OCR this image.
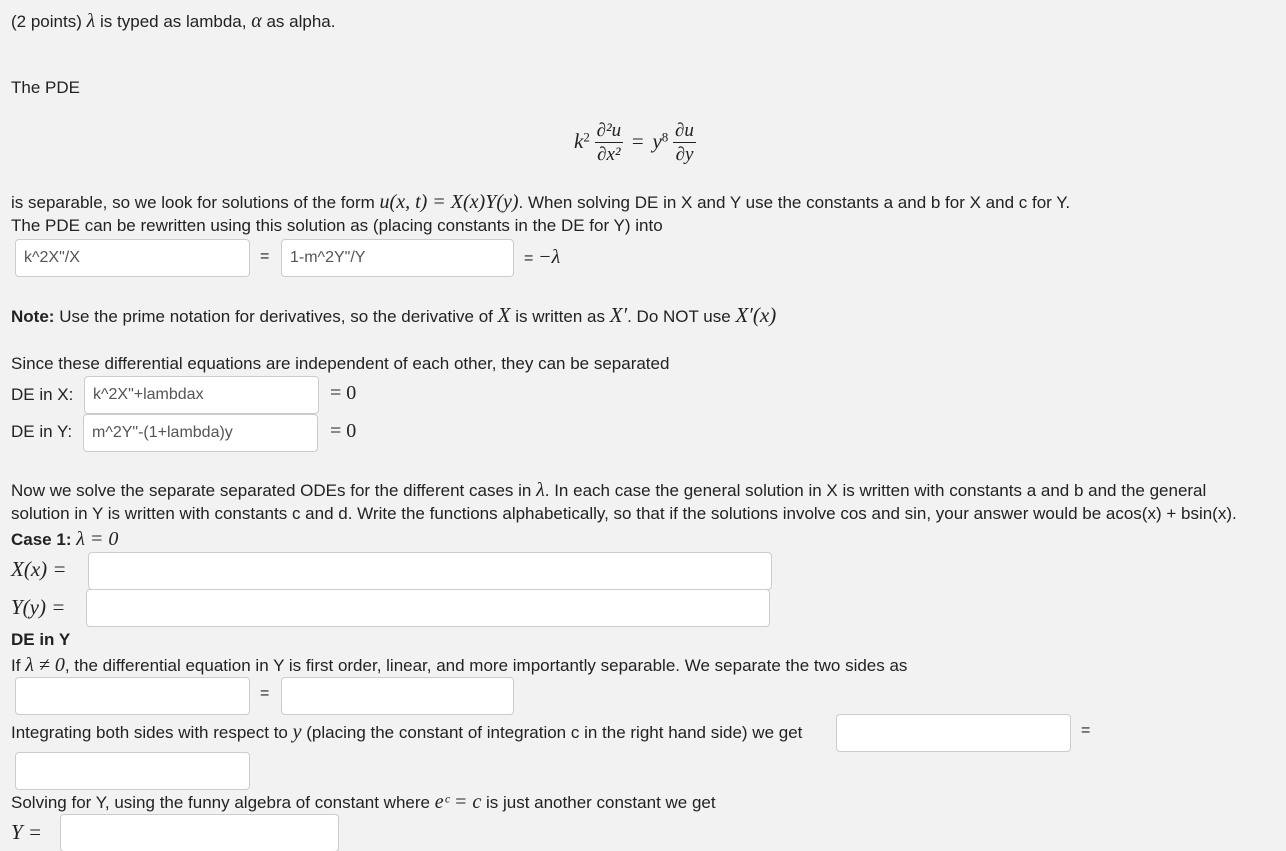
(2 points) λ is typed as lambda, α as alpha.
The PDE
$k^2 \frac{\text{∂²u}}{\text{∂x²}} = y^8 \frac{\partial u}{\partial y}$
is separable, so we look for solutions of the form u(x, t) = X(x)Y(y). When solving DE in X and Y use the constants a and b for X and c for Y.
The PDE can be rewritten using this solution as (placing constants in the DE for Y) into
k^2X"/X	=	1-m^2Y"/Y	= −λ
Note: Use the prime notation for derivatives, so the derivative of X is written as X′. Do NOT use X′(x)
Since these differential equations are independent of each other, they can be separated
DE in X:	k^2X"+lambdax	= 0
DE in Y:	m^2Y"-(1+lambda)y	= 0
Now we solve the separate separated ODEs for the different cases in λ. In each case the general solution in X is written with constants a and b and the general
solution in Y is written with constants c and d. Write the functions alphabetically, so that if the solutions involve cos and sin, your answer would be acos(x) + bsin(x).
Case 1: λ = 0
X(x) =
Y(y) =
DE in Y
If λ ≠ 0, the differential equation in Y is first order, linear, and more importantly separable. We separate the two sides as
=
Integrating both sides with respect to y (placing the constant of integration c in the right hand side) we get	=
Solving for Y, using the funny algebra of constant where eᶜ = c is just another constant we get
Y =
